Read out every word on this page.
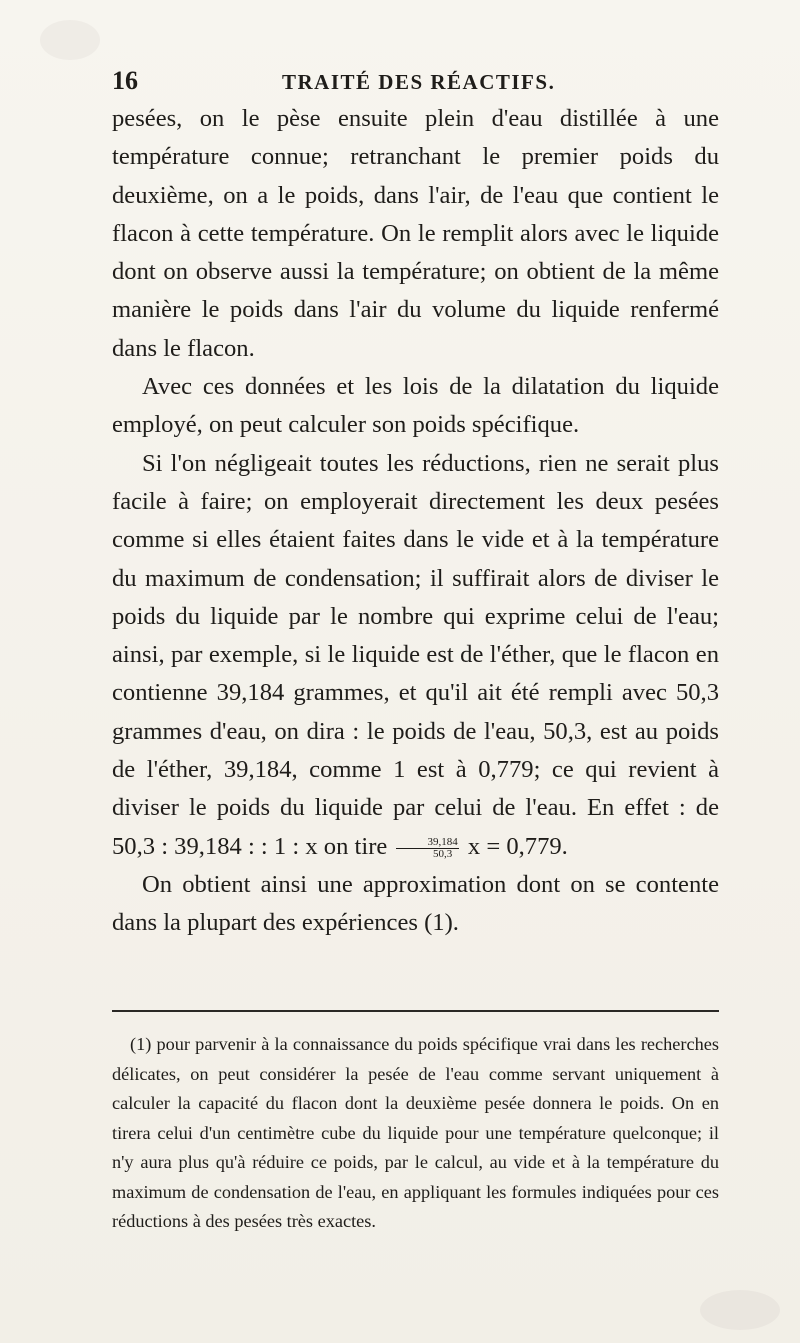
16	TRAITÉ DES RÉACTIFS.

pesées, on le pèse ensuite plein d'eau distillée à une température connue; retranchant le premier poids du deuxième, on a le poids, dans l'air, de l'eau que contient le flacon à cette température. On le remplit alors avec le liquide dont on observe aussi la température; on obtient de la même manière le poids dans l'air du volume du liquide renfermé dans le flacon.

Avec ces données et les lois de la dilatation du liquide employé, on peut calculer son poids spécifique.

Si l'on négligeait toutes les réductions, rien ne serait plus facile à faire; on employerait directement les deux pesées comme si elles étaient faites dans le vide et à la température du maximum de condensation; il suffirait alors de diviser le poids du liquide par le nombre qui exprime celui de l'eau; ainsi, par exemple, si le liquide est de l'éther, que le flacon en contienne 39,184 grammes, et qu'il ait été rempli avec 50,3 grammes d'eau, on dira : le poids de l'eau, 50,3, est au poids de l'éther, 39,184, comme 1 est à 0,779; ce qui revient à diviser le poids du liquide par celui de l'eau. En effet : de 50,3 : 39,184 : : 1 : x on tire $\frac{39,184}{50,3}$ x = 0,779.

On obtient ainsi une approximation dont on se contente dans la plupart des expériences (1).

(1) pour parvenir à la connaissance du poids spécifique vrai dans les recherches délicates, on peut considérer la pesée de l'eau comme servant uniquement à calculer la capacité du flacon dont la deuxième pesée donnera le poids. On en tirera celui d'un centimètre cube du liquide pour une température quelconque; il n'y aura plus qu'à réduire ce poids, par le calcul, au vide et à la température du maximum de condensation de l'eau, en appliquant les formules indiquées pour ces réductions à des pesées très exactes.
